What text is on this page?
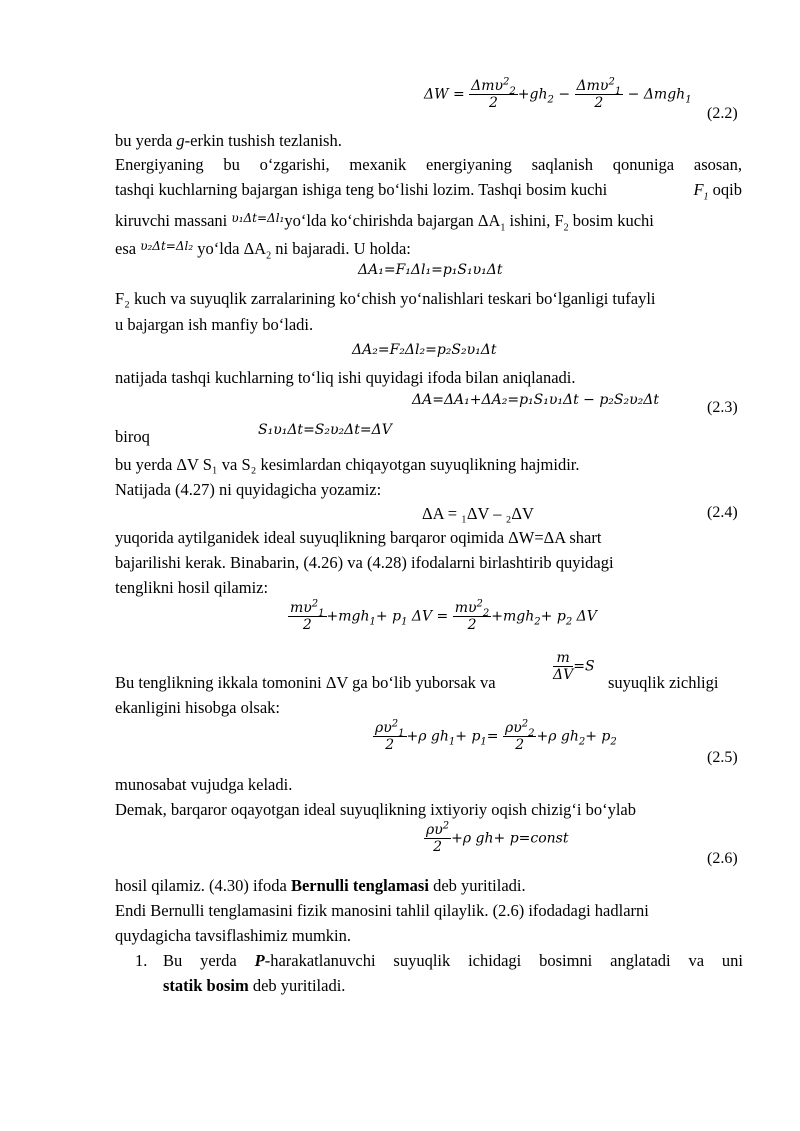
$\Delta W = \frac{\Delta m\upsilon^2_2}{2} +gh_2 - \frac{\Delta m\upsilon^2_1}{2} - \Delta mgh_1$
(2.2)
bu yerda g-erkin tushish tezlanish.
Energiyaning bu o‘zgarishi, mexanik energiyaning saqlanish qonuniga asosan,
tashqi kuchlarning bajargan ishiga teng bo‘lishi lozim. Tashqi bosim kuchi	$F_1$ oqib
kiruvchi massani $^{\upsilon_1\Delta t=\Delta l_1}$yo‘lda ko‘chirishda bajargan $\Delta A_1$ ishini, $F_2$ bosim kuchi
esa $^{\upsilon_2\Delta t=\Delta l_2}$ yo‘lda $\Delta A_2$ ni bajaradi. U holda:
ΔA₁=F₁Δl₁=p₁S₁υ₁Δt
F₂ kuch va suyuqlik zarralarining ko‘chish yo‘nalishlari teskari bo‘lganligi tufayli
u bajargan ish manfiy bo‘ladi.
ΔA₂=F₂Δl₂=p₂S₂υ₁Δt
natijada tashqi kuchlarning to‘liq ishi quyidagi ifoda bilan aniqlanadi.
ΔA=ΔA₁+ΔA₂=p₁S₁υ₁Δt − p₂S₂υ₂Δt	(2.3)
biroq	S₁υ₁Δt=S₂υ₂Δt=ΔV
bu yerda ΔV S₁ va S₂ kesimlardan chiqayotgan suyuqlikning hajmidir.
Natijada (4.27) ni quyidagicha yozamiz:
ΔA = ₁ΔV – ₂ΔV	(2.4)
yuqorida aytilganidek ideal suyuqlikning barqaror oqimida ΔW=ΔA shart
bajarilishi kerak. Binabarin, (4.26) va (4.28) ifodalarni birlashtirib quyidagi
tenglikni hosil qilamiz:
$\frac{m\upsilon^2_1}{2} +mgh_1+ p_1$ $\Delta V = \frac{m\upsilon^2_2}{2} +mgh_2+ p_2$ ΔV
Bu tenglikning ikkala tomonini ΔV ga bo‘lib yuborsak va	$\frac{m}{\Delta V} =S$
suyuqlik zichligi
ekanligini hisobga olsak:
$\frac{\rho\upsilon^2_1}{2} +\rho$ $gh_1+ p_1= \frac{\rho\upsilon^2_2}{2} +\rho$ $gh_2+ p_2$
(2.5)
munosabat vujudga keladi.
Demak, barqaror oqayotgan ideal suyuqlikning ixtiyoriy oqish chizig‘i bo‘ylab
$\frac{\rho\upsilon^2}{2} +\rho$ gh+ p=const
(2.6)
hosil qilamiz. (4.30) ifoda Bernulli tenglamasi deb yuritiladi.
Endi Bernulli tenglamasini fizik manosini tahlil qilaylik. (2.6) ifodadagi hadlarni
quydagicha tavsiflashimiz mumkin.
1. Bu yerda P-harakatlanuvchi suyuqlik ichidagi bosimni anglatadi va uni
statik bosim deb yuritiladi.
